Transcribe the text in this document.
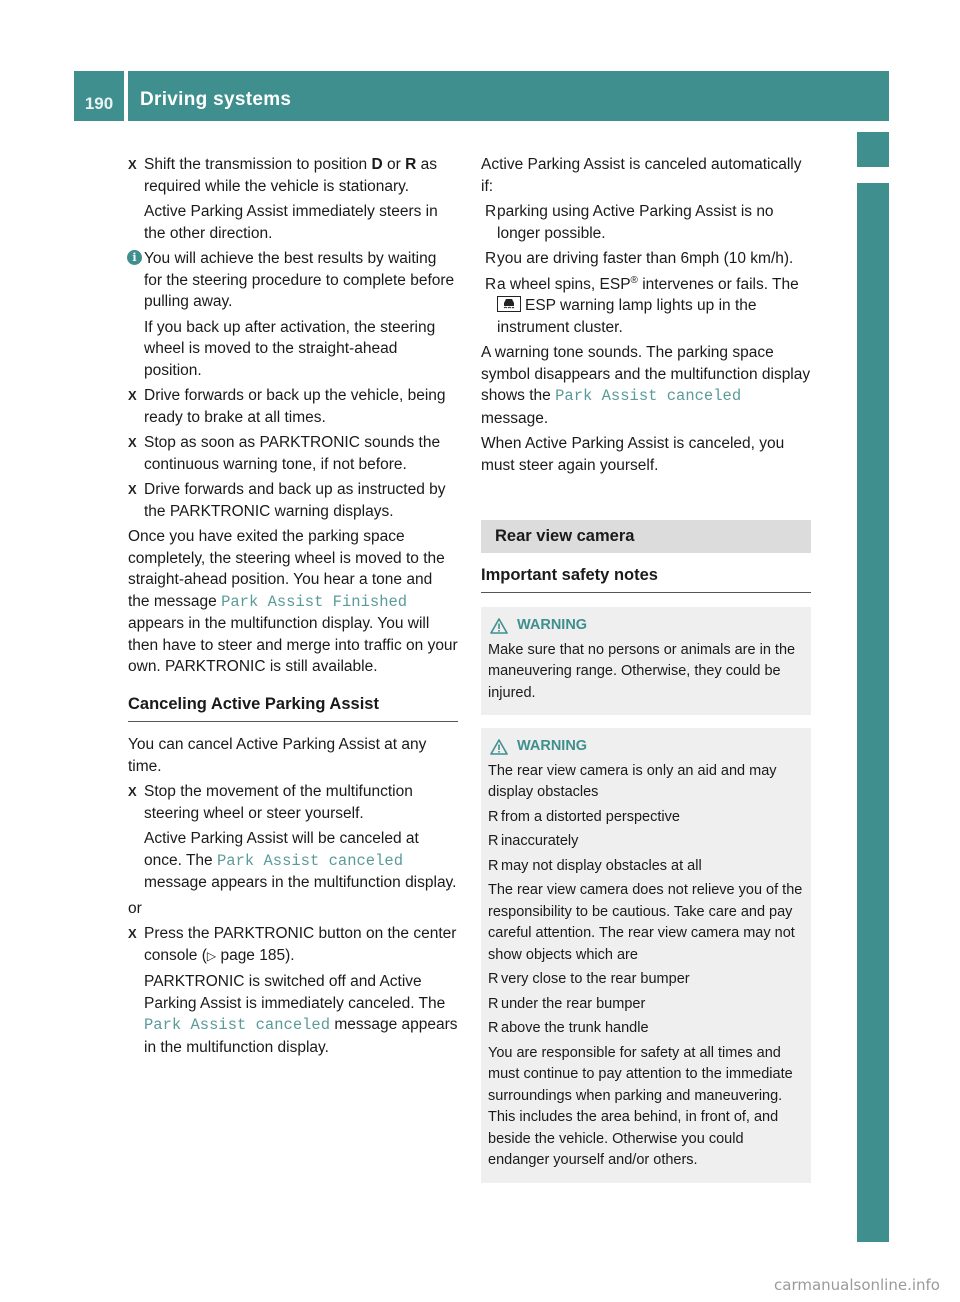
190	Driving systems
Driving and parking
X Shift the transmission to position D or R as required while the vehicle is stationary.
Active Parking Assist immediately steers in the other direction.
i You will achieve the best results by waiting for the steering procedure to complete before pulling away.
If you back up after activation, the steering wheel is moved to the straight-ahead position.
X Drive forwards or back up the vehicle, being ready to brake at all times.
X Stop as soon as PARKTRONIC sounds the continuous warning tone, if not before.
X Drive forwards and back up as instructed by the PARKTRONIC warning displays.

Once you have exited the parking space completely, the steering wheel is moved to the straight-ahead position. You hear a tone and the message Park Assist Finished appears in the multifunction display. You will then have to steer and merge into traffic on your own. PARKTRONIC is still available.

Canceling Active Parking Assist

You can cancel Active Parking Assist at any time.

X Stop the movement of the multifunction steering wheel or steer yourself.
Active Parking Assist will be canceled at once. The Park Assist canceled message appears in the multifunction display.

or

X Press the PARKTRONIC button on the center console (▷ page 185).
PARKTRONIC is switched off and Active Parking Assist is immediately canceled. The Park Assist canceled message appears in the multifunction display.

Active Parking Assist is canceled automatically if:

R parking using Active Parking Assist is no longer possible.
R you are driving faster than 6mph (10 km/h).
R a wheel spins, ESP® intervenes or fails. The ESP warning lamp lights up in the instrument cluster.

A warning tone sounds. The parking space symbol disappears and the multifunction display shows the Park Assist canceled message.

When Active Parking Assist is canceled, you must steer again yourself.

Rear view camera
Important safety notes
WARNING

Make sure that no persons or animals are in the maneuvering range. Otherwise, they could be injured.

WARNING

The rear view camera is only an aid and may display obstacles

R from a distorted perspective
R inaccurately
R may not display obstacles at all

The rear view camera does not relieve you of the responsibility to be cautious. Take care and pay careful attention. The rear view camera may not show objects which are

R very close to the rear bumper
R under the rear bumper
R above the trunk handle

You are responsible for safety at all times and must continue to pay attention to the immediate surroundings when parking and maneuvering. This includes the area behind, in front of, and beside the vehicle. Otherwise you could endanger yourself and/or others.

carmanualsonline.info
